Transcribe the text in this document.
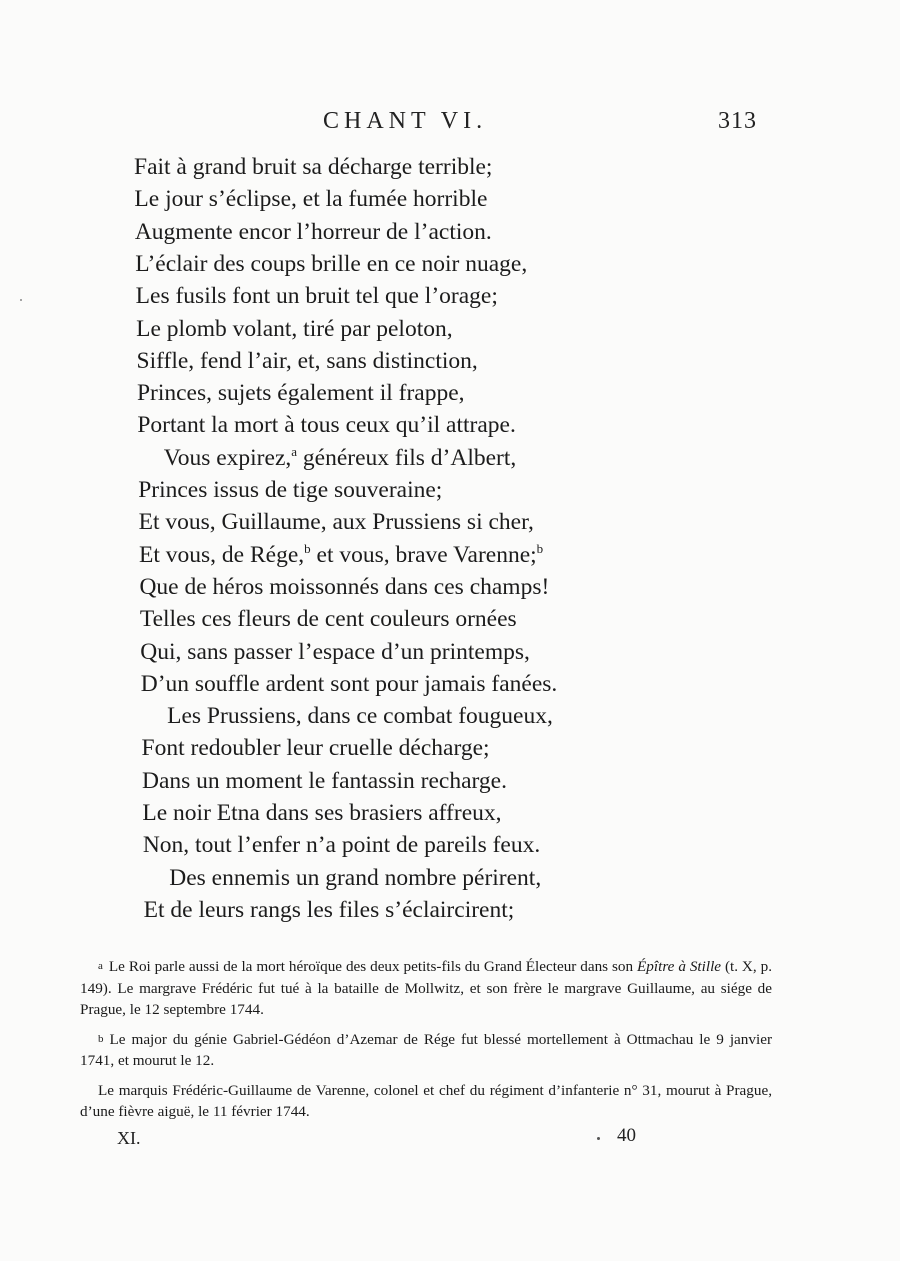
CHANT VI.	313
Fait à grand bruit sa décharge terrible;
Le jour s’éclipse, et la fumée horrible
Augmente encor l’horreur de l’action.
L’éclair des coups brille en ce noir nuage,
Les fusils font un bruit tel que l’orage;
Le plomb volant, tiré par peloton,
Siffle, fend l’air, et, sans distinction,
Princes, sujets également il frappe,
Portant la mort à tous ceux qu’il attrape.
Vous expirez,$^a$ généreux fils d’Albert,
Princes issus de tige souveraine;
Et vous, Guillaume, aux Prussiens si cher,
Et vous, de Rége,$^b$ et vous, brave Varenne;$^b$
Que de héros moissonnés dans ces champs!
Telles ces fleurs de cent couleurs ornées
Qui, sans passer l’espace d’un printemps,
D’un souffle ardent sont pour jamais fanées.
Les Prussiens, dans ce combat fougueux,
Font redoubler leur cruelle décharge;
Dans un moment le fantassin recharge.
Le noir Etna dans ses brasiers affreux,
Non, tout l’enfer n’a point de pareils feux.
Des ennemis un grand nombre périrent,
Et de leurs rangs les files s’éclaircirent;

a Le Roi parle aussi de la mort héroïque des deux petits-fils du Grand Électeur dans son Épître à Stille (t. X, p. 149). Le margrave Frédéric fut tué à la bataille de Mollwitz, et son frère le margrave Guillaume, au siége de Prague, le 12 septembre 1744.

b Le major du génie Gabriel-Gédéon d’Azemar de Rége fut blessé mortellement à Ottmachau le 9 janvier 1741, et mourut le 12.

Le marquis Frédéric-Guillaume de Varenne, colonel et chef du régiment d’infanterie n° 31, mourut à Prague, d’une fièvre aiguë, le 11 février 1744.

XI.	40
